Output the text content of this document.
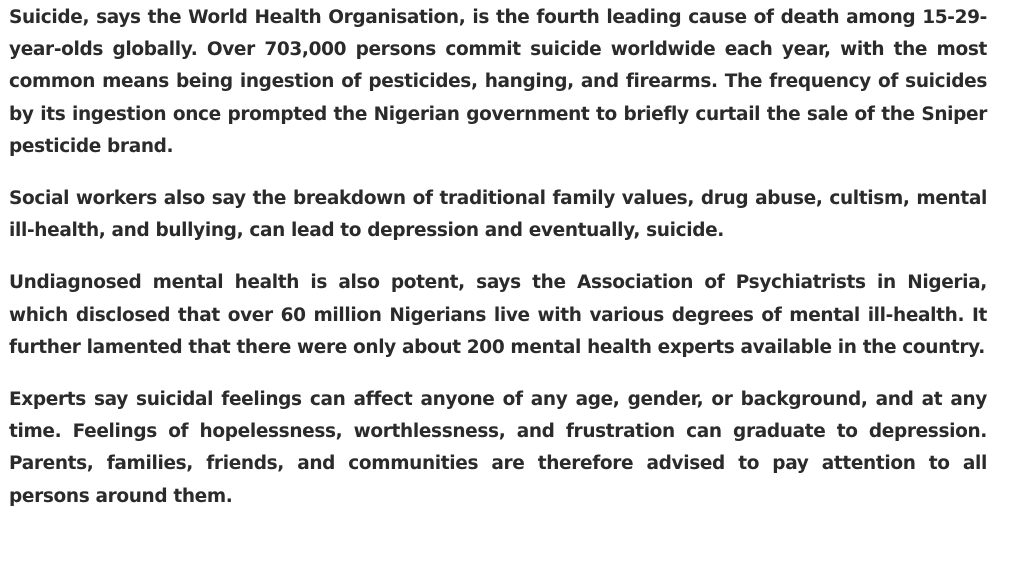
Suicide, says the World Health Organisation, is the fourth leading cause of death among 15-29-year-olds globally. Over 703,000 persons commit suicide worldwide each year, with the most common means being ingestion of pesticides, hanging, and firearms. The frequency of suicides by its ingestion once prompted the Nigerian government to briefly curtail the sale of the Sniper pesticide brand.

Social workers also say the breakdown of traditional family values, drug abuse, cultism, mental ill-health, and bullying, can lead to depression and eventually, suicide.

Undiagnosed mental health is also potent, says the Association of Psychiatrists in Nigeria, which disclosed that over 60 million Nigerians live with various degrees of mental ill-health. It further lamented that there were only about 200 mental health experts available in the country.

Experts say suicidal feelings can affect anyone of any age, gender, or background, and at any time. Feelings of hopelessness, worthlessness, and frustration can graduate to depression. Parents, families, friends, and communities are therefore advised to pay attention to all persons around them.
